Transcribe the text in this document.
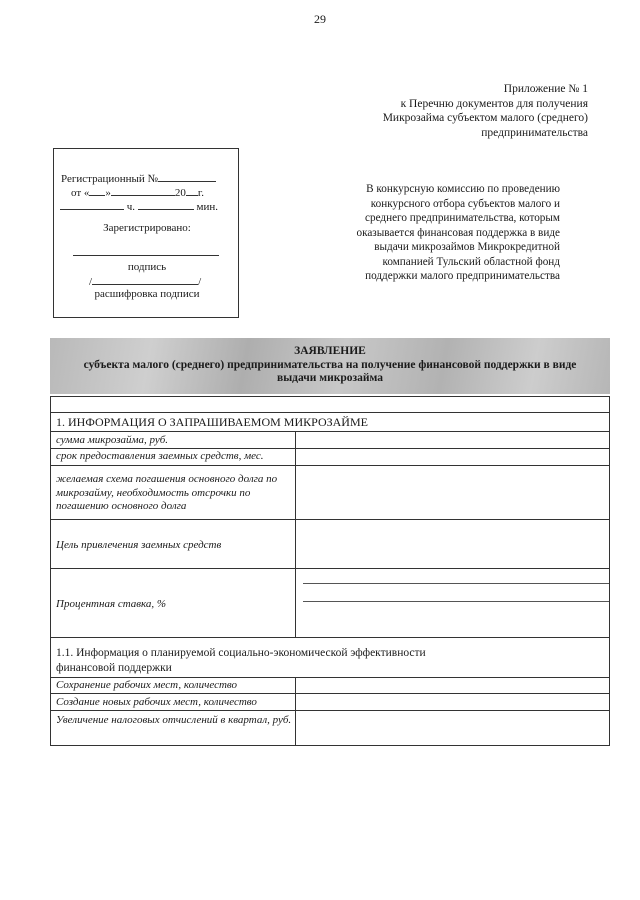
29
Приложение № 1
к Перечню документов для получения
Микрозайма субъектом малого (среднего)
предпринимательства
Регистрационный №
от « »	20 г.
ч.	мин.
Зарегистрировано:
подпись
/	/
расшифровка подписи
В конкурсную комиссию по проведению
конкурсного отбора субъектов малого и
среднего предпринимательства, которым
оказывается финансовая поддержка в виде
выдачи микрозаймов Микрокредитной
компанией Тульский областной фонд
поддержки малого предпринимательства
ЗАЯВЛЕНИЕ
субъекта малого (среднего) предпринимательства на получение финансовой поддержки в виде
выдачи микрозайма
1. ИНФОРМАЦИЯ О ЗАПРАШИВАЕМОМ МИКРОЗАЙМЕ
сумма микрозайма, руб.
срок предоставления заемных средств, мес.
желаемая схема погашения основного долга по микрозайму, необходимость отсрочки по погашению основного долга
Цель привлечения заемных средств
Процентная ставка, %
1.1. Информация о планируемой социально-экономической эффективности финансовой поддержки
Сохранение рабочих мест, количество
Создание новых рабочих мест, количество
Увеличение налоговых отчислений в квартал, руб.
